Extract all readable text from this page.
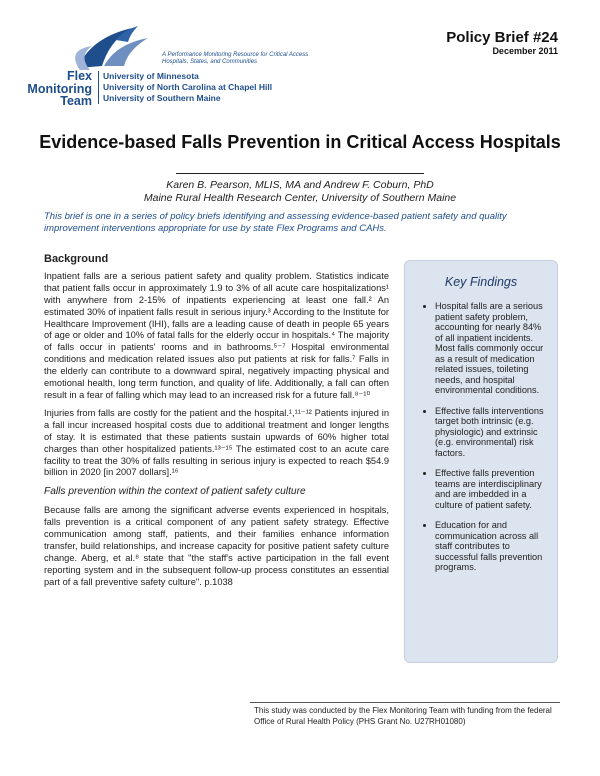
A Performance Monitoring Resource for Critical Access Hospitals, States, and Communities
Flex
Monitoring
Team
University of Minnesota
University of North Carolina at Chapel Hill
University of Southern Maine
Policy Brief #24
December 2011
Evidence-based Falls Prevention in Critical Access Hospitals
Karen B. Pearson, MLIS, MA and Andrew F. Coburn, PhD
Maine Rural Health Research Center, University of Southern Maine
This brief is one in a series of policy briefs identifying and assessing evidence-based patient safety and quality improvement interventions appropriate for use by state Flex Programs and CAHs.
Background

Inpatient falls are a serious patient safety and quality problem. Statistics indicate that patient falls occur in approximately 1.9 to 3% of all acute care hospitalizations¹ with anywhere from 2-15% of inpatients experiencing at least one fall.² An estimated 30% of inpatient falls result in serious injury.³ According to the Institute for Healthcare Improvement (IHI), falls are a leading cause of death in people 65 years of age or older and 10% of fatal falls for the elderly occur in hospitals.⁴ The majority of falls occur in patients' rooms and in bathrooms.⁵⁻⁷ Hospital environmental conditions and medication related issues also put patients at risk for falls.⁷ Falls in the elderly can contribute to a downward spiral, negatively impacting physical and emotional health, long term function, and quality of life. Additionally, a fall can often result in a fear of falling which may lead to an increased risk for a future fall.⁸⁻¹⁰

Injuries from falls are costly for the patient and the hospital.¹,¹¹⁻¹² Patients injured in a fall incur increased hospital costs due to additional treatment and longer lengths of stay. It is estimated that these patients sustain upwards of 60% higher total charges than other hospitalized patients.¹³⁻¹⁵ The estimated cost to an acute care facility to treat the 30% of falls resulting in serious injury is expected to reach $54.9 billion in 2020 [in 2007 dollars].¹⁶

Falls prevention within the context of patient safety culture

Because falls are among the significant adverse events experienced in hospitals, falls prevention is a critical component of any patient safety strategy. Effective communication among staff, patients, and their families enhance information transfer, build relationships, and increase capacity for positive patient safety culture change. Aberg, et al.⁸ state that "the staff's active participation in the fall event reporting system and in the subsequent follow-up process constitutes an essential part of a fall preventive safety culture". p.1038

Key Findings
• Hospital falls are a serious patient safety problem, accounting for nearly 84% of all inpatient incidents. Most falls commonly occur as a result of medication related issues, toileting needs, and hospital environmental conditions.
• Effective falls interventions target both intrinsic (e.g. physiologic) and extrinsic (e.g. environmental) risk factors.
• Effective falls prevention teams are interdisciplinary and are imbedded in a culture of patient safety.
• Education for and communication across all staff contributes to successful falls prevention programs.
This study was conducted by the Flex Monitoring Team with funding from the federal Office of Rural Health Policy (PHS Grant No. U27RH01080)
